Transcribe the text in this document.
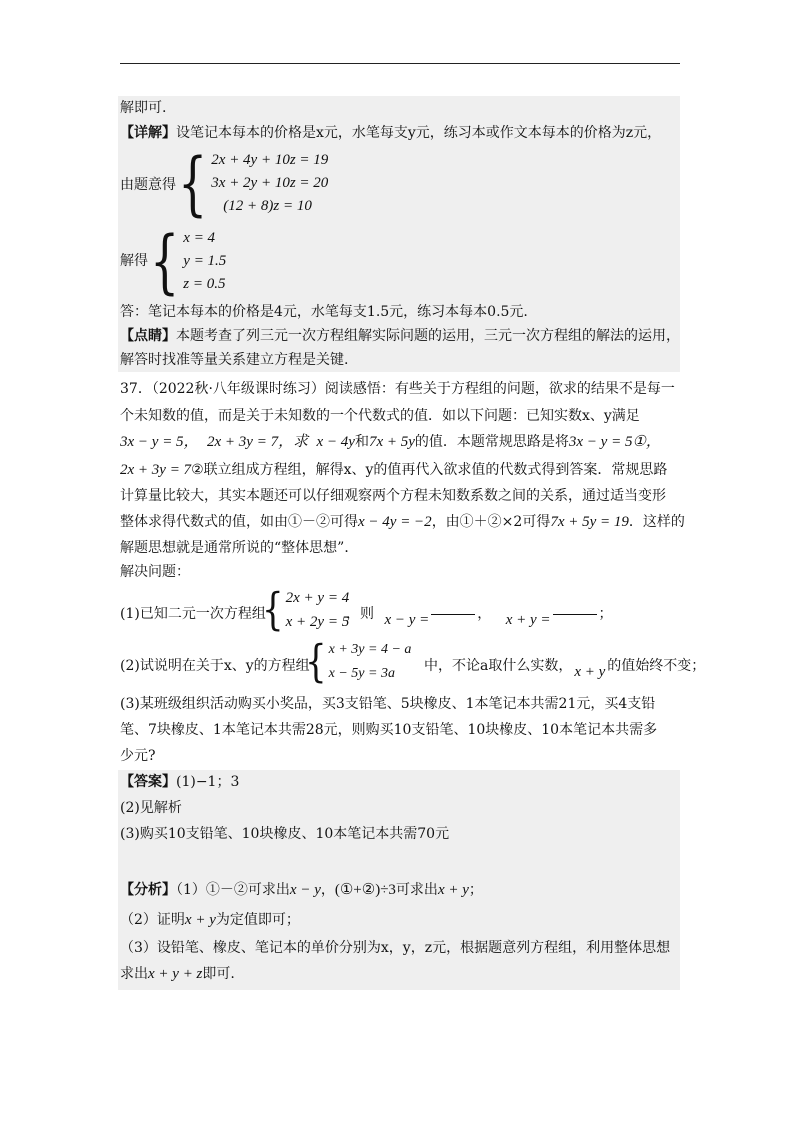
解即可.
【详解】设笔记本每本的价格是x元，水笔每支y元，练习本或作文本每本的价格为z元，
由题意得 { 2x + 4y + 10z = 19
3x + 2y + 10z = 20
(12 + 8)z = 10
解得 { x = 4
y = 1.5
z = 0.5
答：笔记本每本的价格是4元，水笔每支1.5元，练习本每本0.5元.
【点睛】本题考查了列三元一次方程组解实际问题的运用，三元一次方程组的解法的运用，
解答时找准等量关系建立方程是关键.
37．（2022秋·八年级课时练习）阅读感悟：有些关于方程组的问题，欲求的结果不是每一
个未知数的值，而是关于未知数的一个代数式的值．如以下问题：已知实数x、y满足
3x − y = 5， 2x + 3y = 7，求 x − 4y和7x + 5y的值．本题常规思路是将3x − y = 5①，
2x + 3y = 7②联立组成方程组，解得x、y的值再代入欲求值的代数式得到答案．常规思路
计算量比较大，其实本题还可以仔细观察两个方程未知数系数之间的关系，通过适当变形
整体求得代数式的值，如由①－②可得x − 4y = −2，由①＋②×2可得7x + 5y = 19．这样的
解题思想就是通常所说的“整体思想”．
解决问题：
(1)已知二元一次方程组
{ 2x + y = 4
x + 2y = 5
，则 x − y =	， x + y =	；
(2)试说明在关于x、y的方程组
{ x + 3y = 4 − a
x − 5y = 3a	中，不论a取什么实数， x + y 的值始终不变；
(3)某班级组织活动购买小奖品，买3支铅笔、5块橡皮、1本笔记本共需21元，买4支铅
笔、7块橡皮、1本笔记本共需28元，则购买10支铅笔、10块橡皮、10本笔记本共需多
少元?
【答案】(1)−1；3
(2)见解析
(3)购买10支铅笔、10块橡皮、10本笔记本共需70元
【分析】（1）①－②可求出x − y，(①+②)÷3可求出x + y；
（2）证明x + y为定值即可；
（3）设铅笔、橡皮、笔记本的单价分别为x，y，z元，根据题意列方程组，利用整体思想
求出x + y + z即可.
